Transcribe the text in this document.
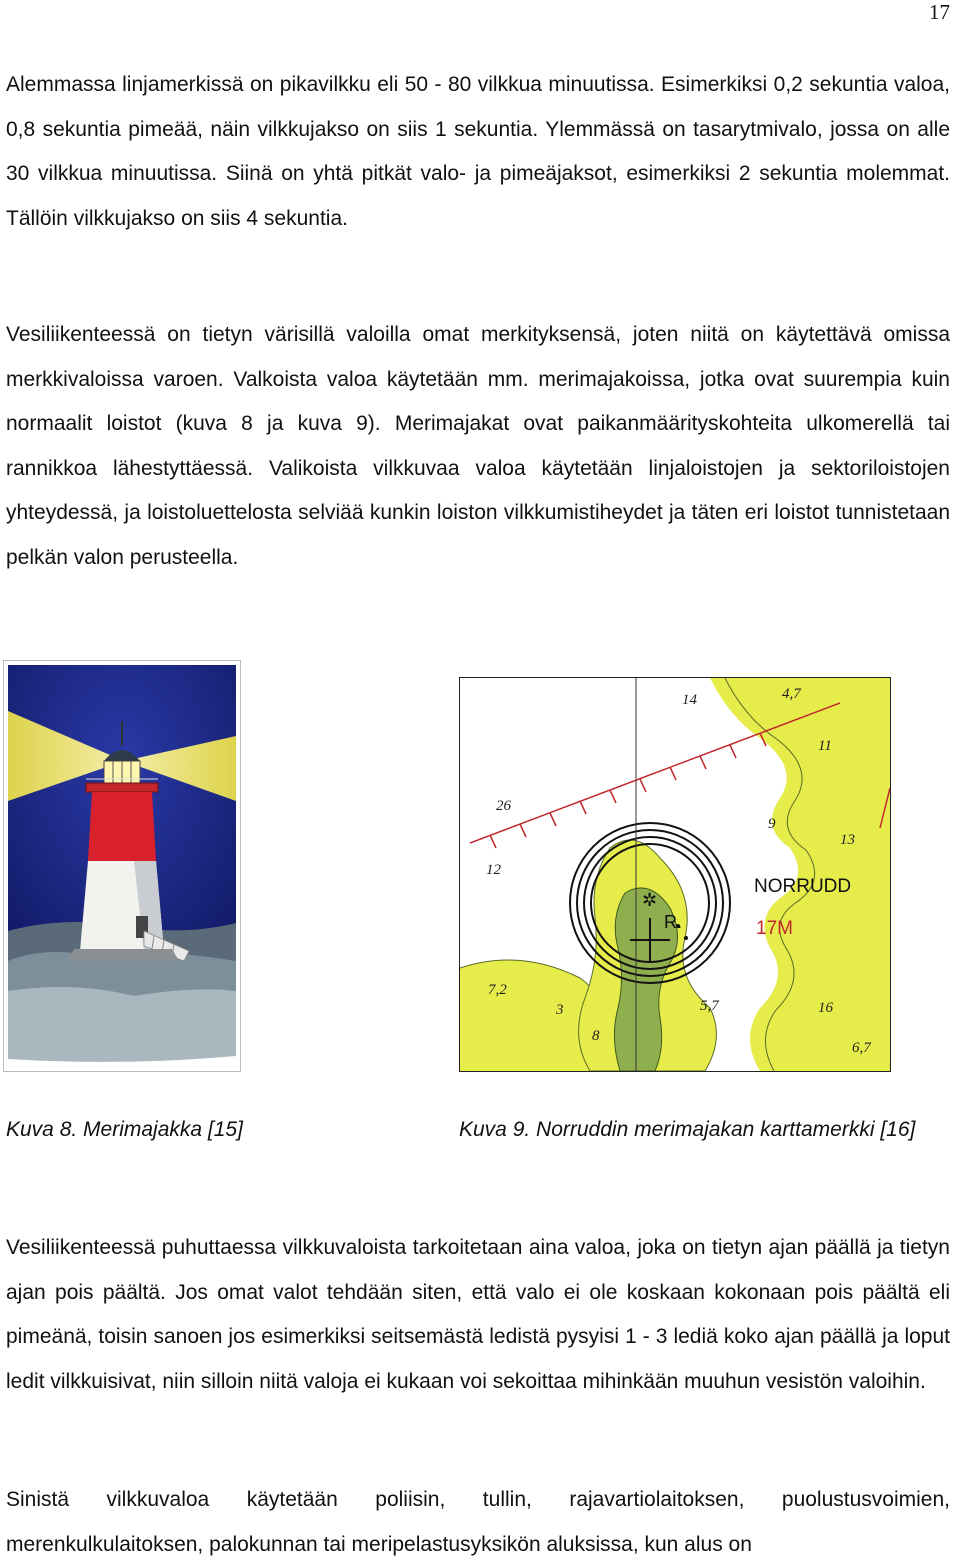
17

Alemmassa linjamerkissä on pikavilkku eli 50 - 80 vilkkua minuutissa. Esimerkiksi 0,2 sekuntia valoa, 0,8 sekuntia pimeää, näin vilkkujakso on siis 1 sekuntia. Ylemmässä on tasarytmivalo, jossa on alle 30 vilkkua minuutissa. Siinä on yhtä pitkät valo- ja pimeäjaksot, esimerkiksi 2 sekuntia molemmat. Tällöin vilkkujakso on siis 4 sekuntia.

Vesiliikenteessä on tietyn värisillä valoilla omat merkityksensä, joten niitä on käytettävä omissa merkkivaloissa varoen. Valkoista valoa käytetään mm. merimajakoissa, jotka ovat suurempia kuin normaalit loistot (kuva 8 ja kuva 9). Merimajakat ovat paikanmäärityskohteita ulkomerellä tai rannikkoa lähestyttäessä. Valikoista vilkkuvaa valoa käytetään linjaloistojen ja sektoriloistojen yhteydessä, ja loistoluettelosta selviää kunkin loiston vilkkumistiheydet ja täten eri loistot tunnistetaan pelkän valon perusteella.

✲
R.
NORRUDD
17M
14	4,7
11
26
9
13
12
7,2
3
8
5,7	16
6,7

Kuva 8. Merimajakka [15]	Kuva 9. Norruddin merimajakan karttamerkki [16]

Vesiliikenteessä puhuttaessa vilkkuvaloista tarkoitetaan aina valoa, joka on tietyn ajan päällä ja tietyn ajan pois päältä. Jos omat valot tehdään siten, että valo ei ole koskaan kokonaan pois päältä eli pimeänä, toisin sanoen jos esimerkiksi seitsemästä ledistä pysyisi 1 - 3 lediä koko ajan päällä ja loput ledit vilkkuisivat, niin silloin niitä valoja ei kukaan voi sekoittaa mihinkään muuhun vesistön valoihin.

Sinistä vilkkuvaloa käytetään poliisin, tullin, rajavartiolaitoksen, puolustusvoimien, merenkulkulaitoksen, palokunnan tai meripelastusyksikön aluksissa, kun alus on
